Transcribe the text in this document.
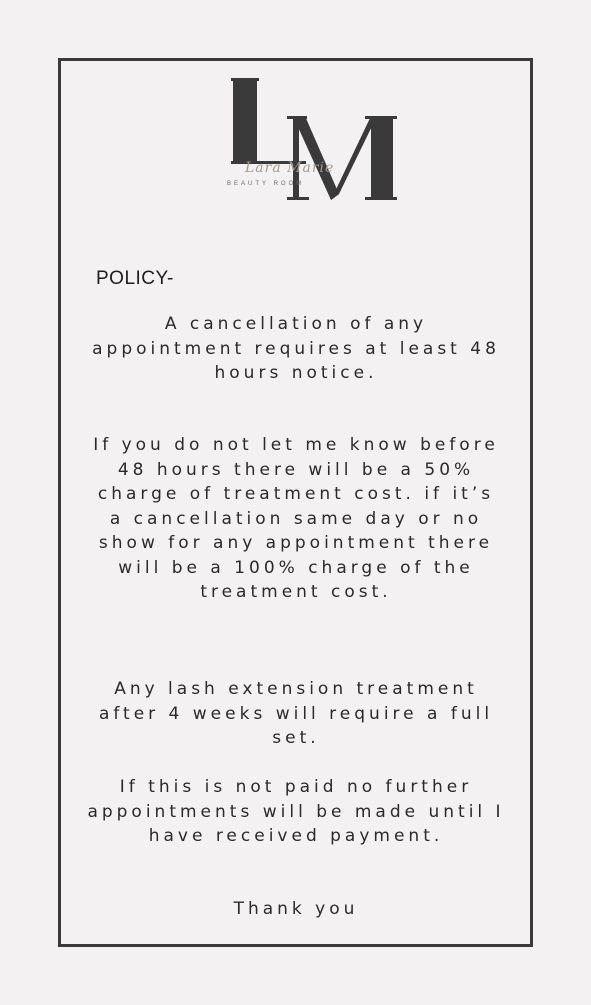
Lara Marie
BEAUTY ROOM
POLICY-

A cancellation of any appointment requires at least 48 hours notice.

If you do not let me know before 48 hours there will be a 50% charge of treatment cost. if it’s a cancellation same day or no show for any appointment there will be a 100% charge of the treatment cost.

Any lash extension treatment after 4 weeks will require a full set.

If this is not paid no further appointments will be made until I have received payment.

Thank you
